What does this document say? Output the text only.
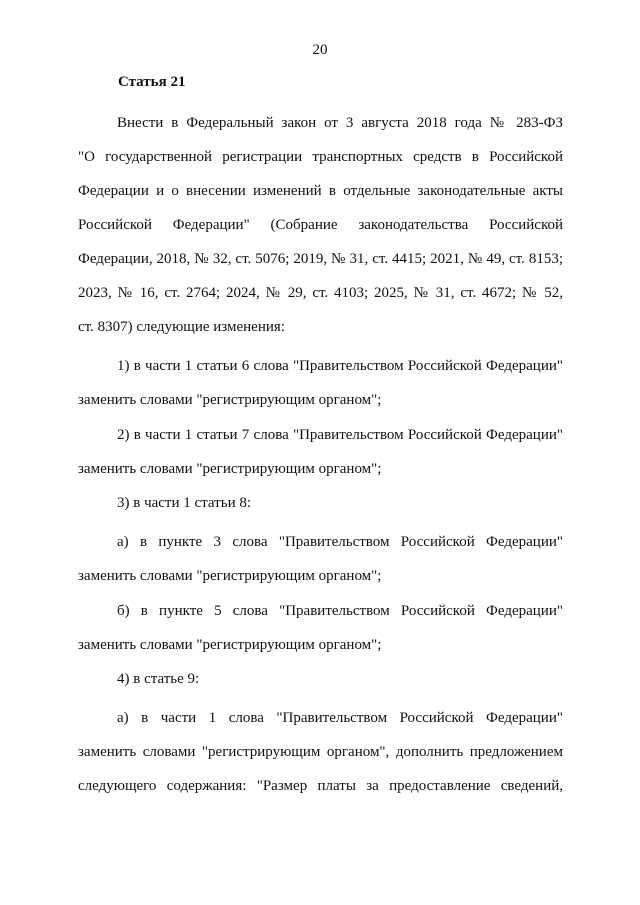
20
Статья 21
Внести в Федеральный закон от 3 августа 2018 года № 283-ФЗ
"О государственной регистрации транспортных средств в Российской
Федерации и о внесении изменений в отдельные законодательные акты
Российской Федерации" (Собрание законодательства Российской
Федерации, 2018, № 32, ст. 5076; 2019, № 31, ст. 4415; 2021, № 49, ст. 8153;
2023, № 16, ст. 2764; 2024, № 29, ст. 4103; 2025, № 31, ст. 4672; № 52,
ст. 8307) следующие изменения:
1) в части 1 статьи 6 слова "Правительством Российской Федерации"
заменить словами "регистрирующим органом";
2) в части 1 статьи 7 слова "Правительством Российской Федерации"
заменить словами "регистрирующим органом";
3) в части 1 статьи 8:
а) в пункте 3 слова "Правительством Российской Федерации"
заменить словами "регистрирующим органом";
б) в пункте 5 слова "Правительством Российской Федерации"
заменить словами "регистрирующим органом";
4) в статье 9:
а) в части 1 слова "Правительством Российской Федерации"
заменить словами "регистрирующим органом", дополнить предложением
следующего содержания: "Размер платы за предоставление сведений,
